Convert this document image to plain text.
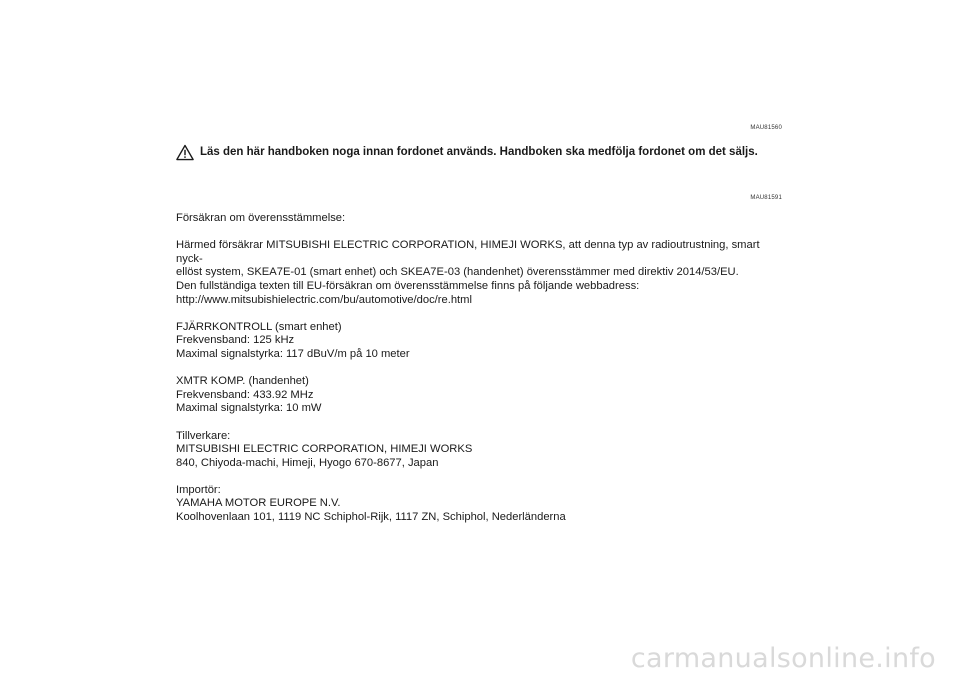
MAU81560
Läs den här handboken noga innan fordonet används. Handboken ska medfölja fordonet om det säljs.
MAU81591

Försäkran om överensstämmelse:

Härmed försäkrar MITSUBISHI ELECTRIC CORPORATION, HIMEJI WORKS, att denna typ av radioutrustning, smart nyck-
ellöst system, SKEA7E-01 (smart enhet) och SKEA7E-03 (handenhet) överensstämmer med direktiv 2014/53/EU.
Den fullständiga texten till EU-försäkran om överensstämmelse finns på följande webbadress:
http://www.mitsubishielectric.com/bu/automotive/doc/re.html

FJÄRRKONTROLL (smart enhet)
Frekvensband: 125 kHz
Maximal signalstyrka: 117 dBuV/m på 10 meter

XMTR KOMP. (handenhet)
Frekvensband: 433.92 MHz
Maximal signalstyrka: 10 mW

Tillverkare:
MITSUBISHI ELECTRIC CORPORATION, HIMEJI WORKS
840, Chiyoda-machi, Himeji, Hyogo 670-8677, Japan

Importör:
YAMAHA MOTOR EUROPE N.V.
Koolhovenlaan 101, 1119 NC Schiphol-Rijk, 1117 ZN, Schiphol, Nederländerna

carmanualsonline.info
